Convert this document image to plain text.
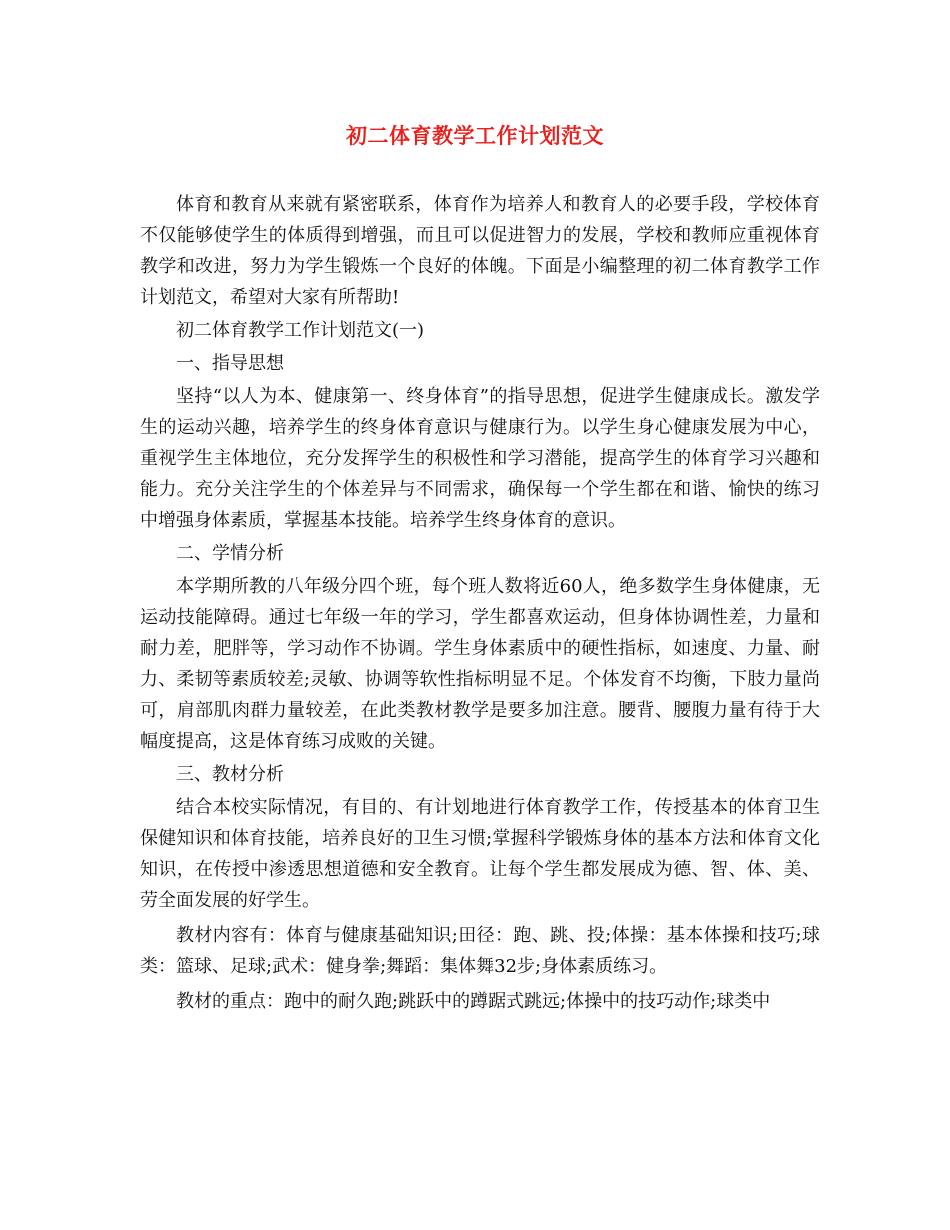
初二体育教学工作计划范文

体育和教育从来就有紧密联系，体育作为培养人和教育人的必要手段，学校体育不仅能够使学生的体质得到增强，而且可以促进智力的发展，学校和教师应重视体育教学和改进，努力为学生锻炼一个良好的体魄。下面是小编整理的初二体育教学工作计划范文，希望对大家有所帮助!

初二体育教学工作计划范文(一)

一、指导思想

坚持“以人为本、健康第一、终身体育”的指导思想，促进学生健康成长。激发学生的运动兴趣，培养学生的终身体育意识与健康行为。以学生身心健康发展为中心，重视学生主体地位，充分发挥学生的积极性和学习潜能，提高学生的体育学习兴趣和能力。充分关注学生的个体差异与不同需求，确保每一个学生都在和谐、愉快的练习中增强身体素质，掌握基本技能。培养学生终身体育的意识。

二、学情分析

本学期所教的八年级分四个班，每个班人数将近60人，绝多数学生身体健康，无运动技能障碍。通过七年级一年的学习，学生都喜欢运动，但身体协调性差，力量和耐力差，肥胖等，学习动作不协调。学生身体素质中的硬性指标，如速度、力量、耐力、柔韧等素质较差;灵敏、协调等软性指标明显不足。个体发育不均衡，下肢力量尚可，肩部肌肉群力量较差，在此类教材教学是要多加注意。腰背、腰腹力量有待于大幅度提高，这是体育练习成败的关键。

三、教材分析

结合本校实际情况，有目的、有计划地进行体育教学工作，传授基本的体育卫生保健知识和体育技能，培养良好的卫生习惯;掌握科学锻炼身体的基本方法和体育文化知识，在传授中渗透思想道德和安全教育。让每个学生都发展成为德、智、体、美、劳全面发展的好学生。

教材内容有：体育与健康基础知识;田径：跑、跳、投;体操：基本体操和技巧;球类：篮球、足球;武术：健身拳;舞蹈：集体舞32步;身体素质练习。

教材的重点：跑中的耐久跑;跳跃中的蹲踞式跳远;体操中的技巧动作;球类中
